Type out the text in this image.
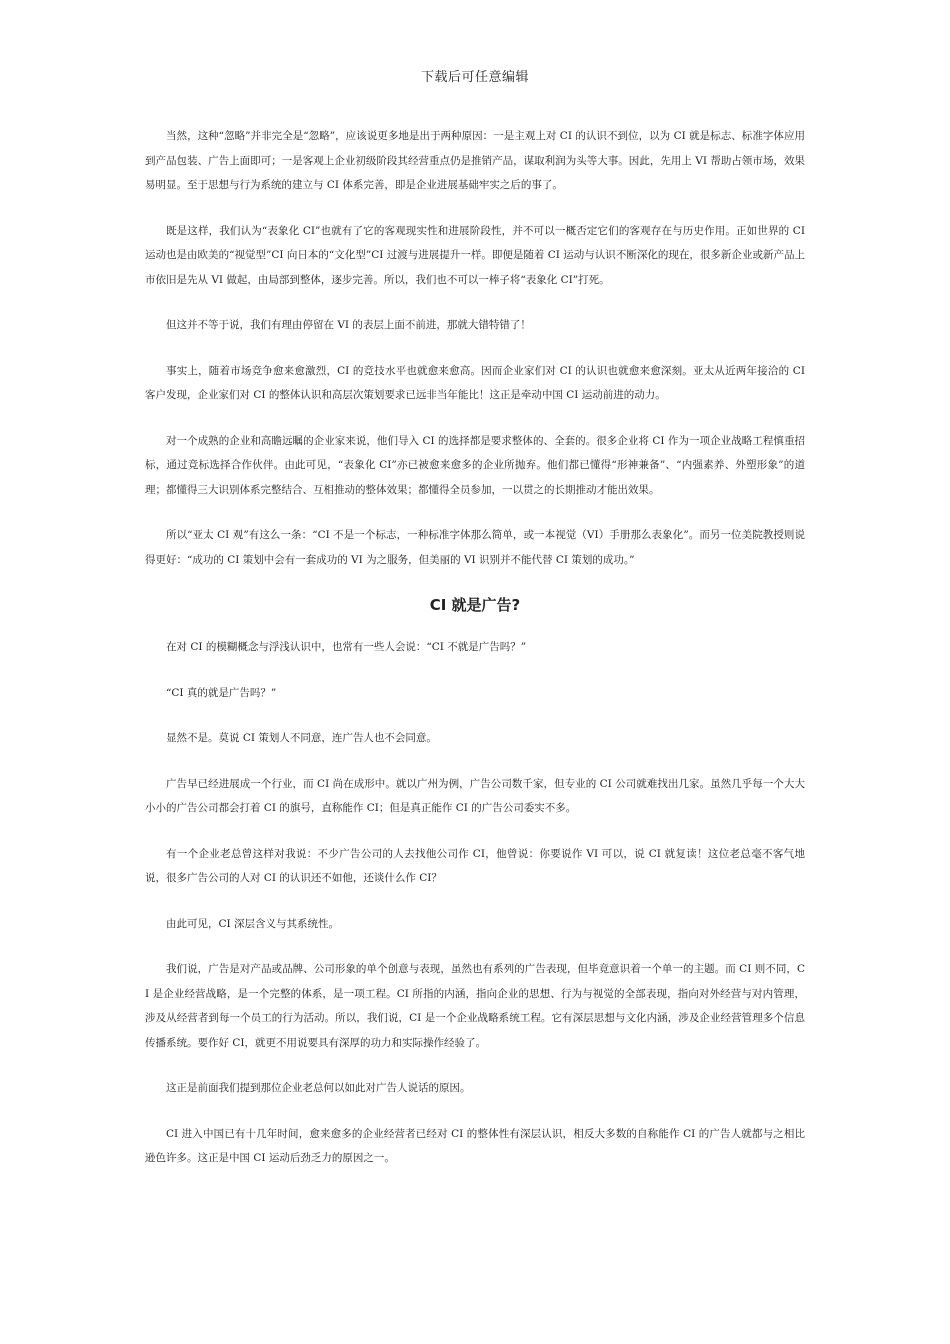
下载后可任意编辑

当然，这种“忽略”并非完全是“忽略”，应该说更多地是出于两种原因：一是主观上对 CI 的认识不到位，以为 CI 就是标志、标准字体应用到产品包装、广告上面即可；一是客观上企业初级阶段其经营重点仍是推销产品，谋取利润为头等大事。因此，先用上 VI 帮助占领市场，效果易明显。至于思想与行为系统的建立与 CI 体系完善，即是企业进展基础牢实之后的事了。

既是这样，我们认为“表象化 CI”也就有了它的客观现实性和进展阶段性，并不可以一概否定它们的客观存在与历史作用。正如世界的 CI 运动也是由欧美的“视觉型”CI 向日本的“文化型”CI 过渡与进展提升一样。即便是随着 CI 运动与认识不断深化的现在，很多新企业或新产品上市依旧是先从 VI 做起，由局部到整体，逐步完善。所以，我们也不可以一棒子将“表象化 CI”打死。

但这并不等于说，我们有理由停留在 VI 的表层上面不前进，那就大错特错了！

事实上，随着市场竞争愈来愈激烈，CI 的竞技水平也就愈来愈高。因而企业家们对 CI 的认识也就愈来愈深刻。亚太从近两年接洽的 CI 客户发现，企业家们对 CI 的整体认识和高层次策划要求已远非当年能比！这正是牵动中国 CI 运动前进的动力。

对一个成熟的企业和高瞻远瞩的企业家来说，他们导入 CI 的选择都是要求整体的、全套的。很多企业将 CI 作为一项企业战略工程慎重招标，通过竞标选择合作伙伴。由此可见，“表象化 CI”亦已被愈来愈多的企业所抛弃。他们都已懂得“形神兼备”、“内强素养、外塑形象”的道理；都懂得三大识别体系完整结合、互相推动的整体效果；都懂得全员参加，一以贯之的长期推动才能出效果。

所以“亚太 CI 观”有这么一条：“CI 不是一个标志，一种标准字体那么简单，或一本视觉（VI）手册那么表象化”。而另一位美院教授则说得更好：“成功的 CI 策划中会有一套成功的 VI 为之服务，但美丽的 VI 识别并不能代替 CI 策划的成功。”

CI 就是广告?

在对 CI 的模糊概念与浮浅认识中，也常有一些人会说：“CI 不就是广告吗？”

“CI 真的就是广告吗？”

显然不是。莫说 CI 策划人不同意，连广告人也不会同意。

广告早已经进展成一个行业，而 CI 尚在成形中。就以广州为例，广告公司数千家，但专业的 CI 公司就难找出几家。虽然几乎每一个大大小小的广告公司都会打着 CI 的旗号，直称能作 CI；但是真正能作 CI 的广告公司委实不多。

有一个企业老总曾这样对我说：不少广告公司的人去找他公司作 CI，他曾说：你要说作 VI 可以，说 CI 就复读！这位老总毫不客气地说，很多广告公司的人对 CI 的认识还不如他，还谈什么作 CI？

由此可见，CI 深层含义与其系统性。

我们说，广告是对产品或品牌、公司形象的单个创意与表现，虽然也有系列的广告表现，但毕竟意识着一个单一的主题。而 CI 则不同，CI 是企业经营战略，是一个完整的体系，是一项工程。CI 所指的内涵，指向企业的思想、行为与视觉的全部表现，指向对外经营与对内管理，涉及从经营者到每一个员工的行为活动。所以，我们说，CI 是一个企业战略系统工程。它有深层思想与文化内涵，涉及企业经营管理多个信息传播系统。要作好 CI，就更不用说要具有深厚的功力和实际操作经验了。

这正是前面我们提到那位企业老总何以如此对广告人说话的原因。

CI 进入中国已有十几年时间，愈来愈多的企业经营者已经对 CI 的整体性有深层认识，相反大多数的自称能作 CI 的广告人就都与之相比逊色许多。这正是中国 CI 运动后劲乏力的原因之一。
